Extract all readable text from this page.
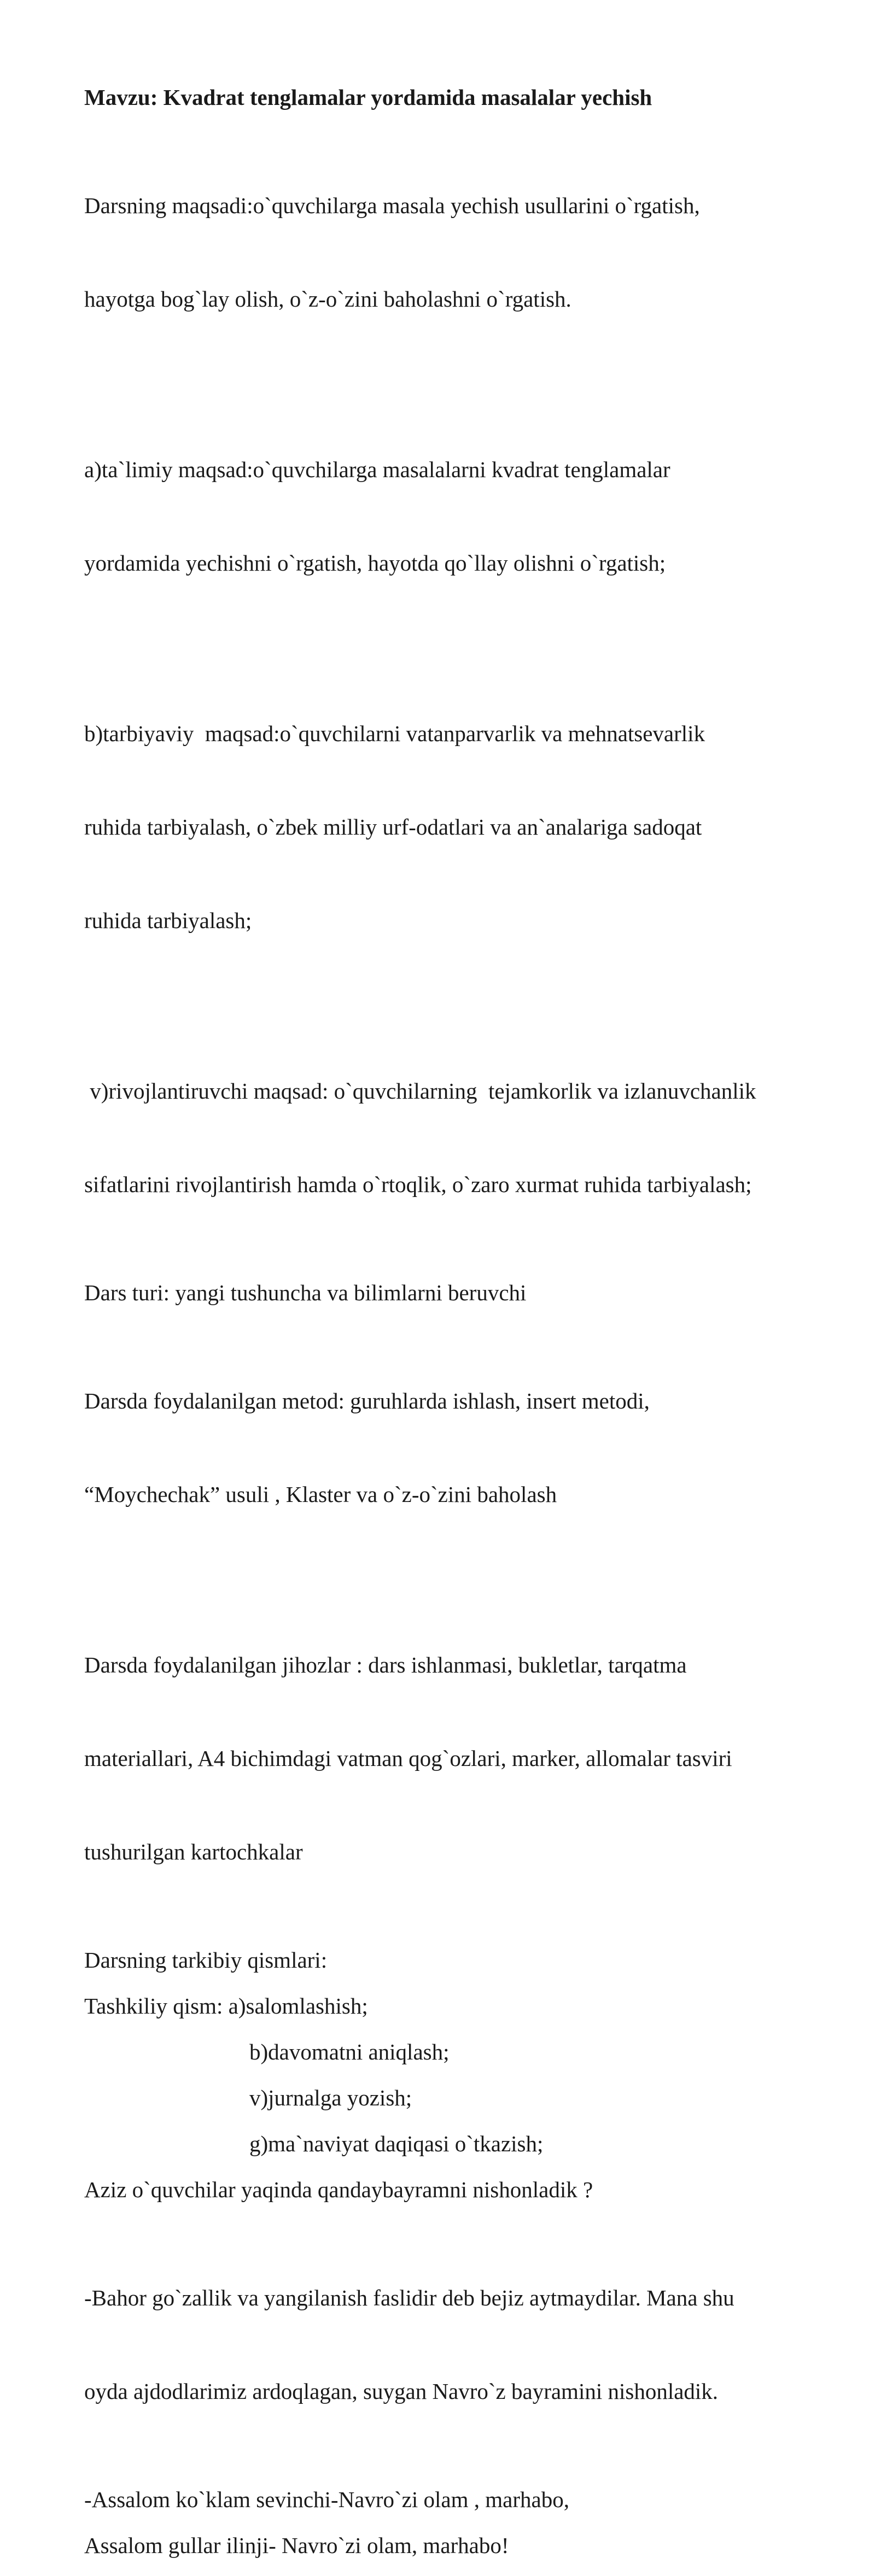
Mavzu: Kvadrat tenglamalar yordamida masalalar yechish

Darsning maqsadi:o`quvchilarga masala yechish usullarini o`rgatish,

hayotga bog`lay olish, o`z-o`zini baholashni o`rgatish.

a)ta`limiy maqsad:o`quvchilarga masalalarni kvadrat tenglamalar

yordamida yechishni o`rgatish, hayotda qo`llay olishni o`rgatish;

b)tarbiyaviy  maqsad:o`quvchilarni vatanparvarlik va mehnatsevarlik

ruhida tarbiyalash, o`zbek milliy urf-odatlari va an`analariga sadoqat

ruhida tarbiyalash;

v)rivojlantiruvchi maqsad: o`quvchilarning  tejamkorlik va izlanuvchanlik

sifatlarini rivojlantirish hamda o`rtoqlik, o`zaro xurmat ruhida tarbiyalash;

Dars turi: yangi tushuncha va bilimlarni beruvchi

Darsda foydalanilgan metod: guruhlarda ishlash, insert metodi,

“Moychechak” usuli , Klaster va o`z-o`zini baholash

Darsda foydalanilgan jihozlar : dars ishlanmasi, bukletlar, tarqatma

materiallari, A4 bichimdagi vatman qog`ozlari, marker, allomalar tasviri

tushurilgan kartochkalar

Darsning tarkibiy qismlari:

Tashkiliy qism: a)salomlashish;

b)davomatni aniqlash;

v)jurnalga yozish;

g)ma`naviyat daqiqasi o`tkazish;

Aziz o`quvchilar yaqinda qandaybayramni nishonladik ?

-Bahor go`zallik va yangilanish faslidir deb bejiz aytmaydilar. Mana shu

oyda ajdodlarimiz ardoqlagan, suygan Navro`z bayramini nishonladik.

-Assalom ko`klam sevinchi-Navro`zi olam , marhabo,

Assalom gullar ilinji- Navro`zi olam, marhabo!
